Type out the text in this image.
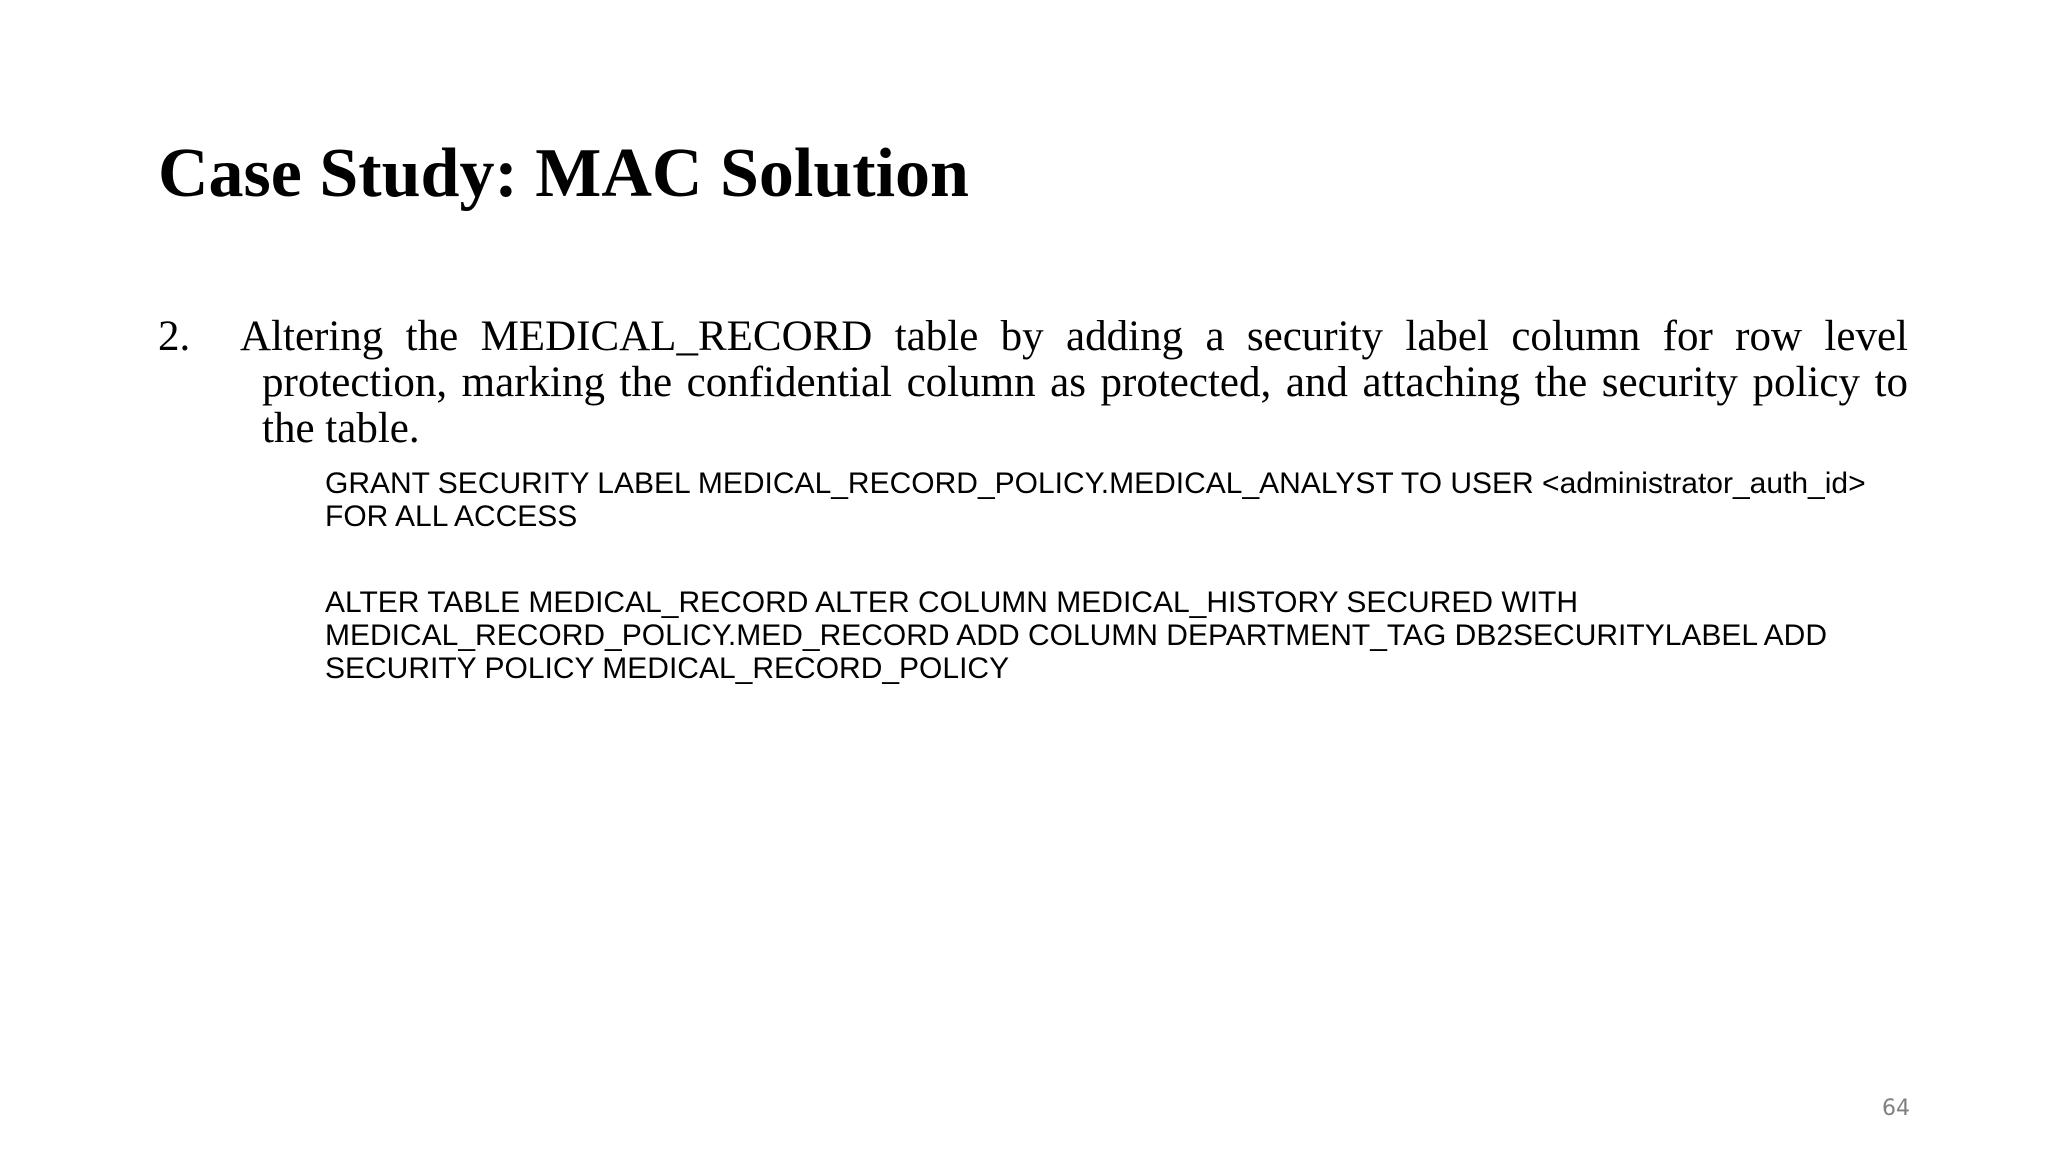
Case Study: MAC Solution
2.	Altering the MEDICAL_RECORD table by adding a security label column for row level protection, marking the confidential column as protected, and attaching the security policy to the table.

GRANT SECURITY LABEL MEDICAL_RECORD_POLICY.MEDICAL_ANALYST TO USER <administrator_auth_id>
FOR ALL ACCESS
ALTER TABLE MEDICAL_RECORD ALTER COLUMN MEDICAL_HISTORY SECURED WITH
MEDICAL_RECORD_POLICY.MED_RECORD ADD COLUMN DEPARTMENT_TAG DB2SECURITYLABEL ADD
SECURITY POLICY MEDICAL_RECORD_POLICY
64
